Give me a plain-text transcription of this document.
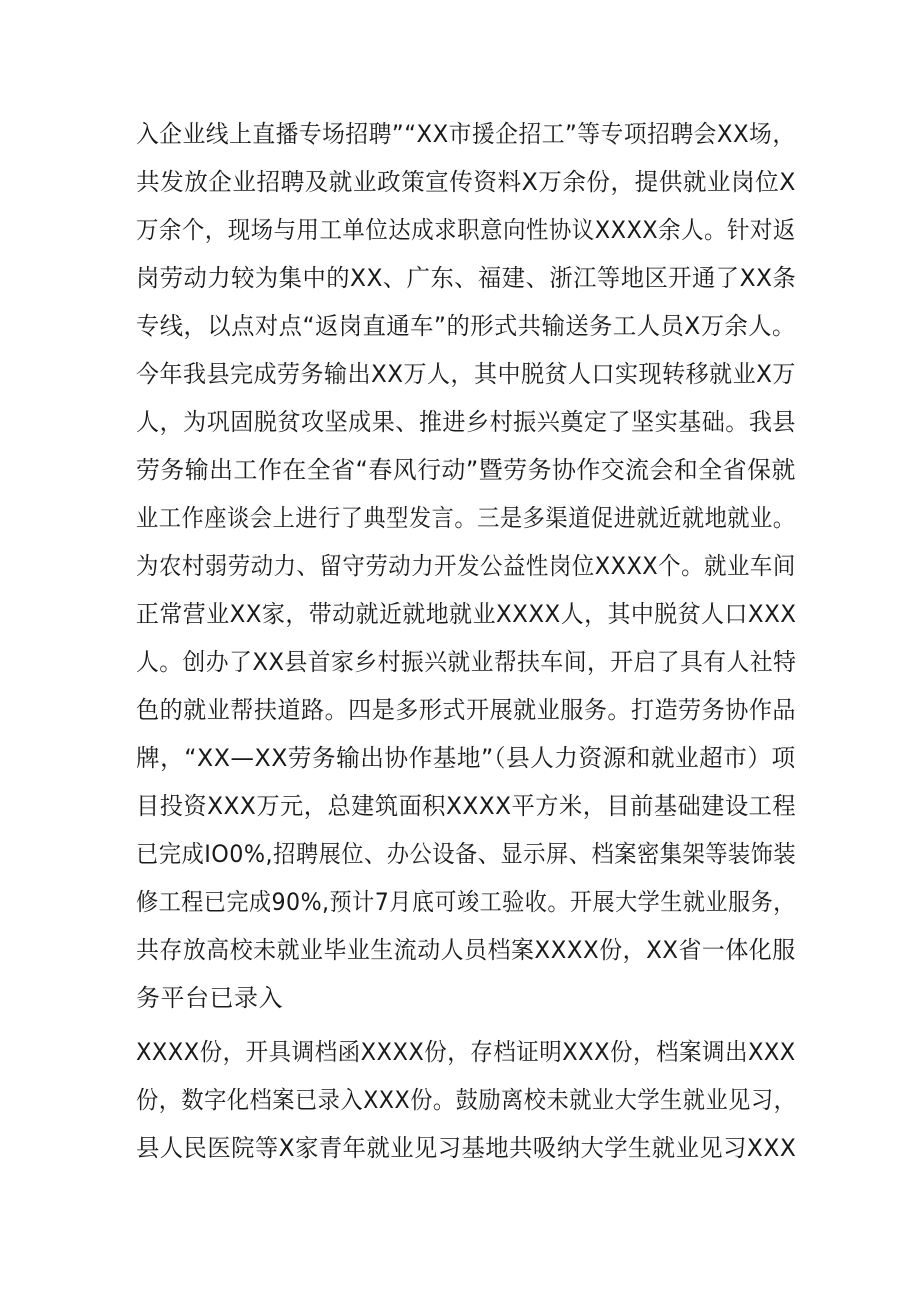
入企业线上直播专场招聘”“XX市援企招工”等专项招聘会XX场，
共发放企业招聘及就业政策宣传资料X万余份，提供就业岗位X
万余个，现场与用工单位达成求职意向性协议XXXX余人。针对返
岗劳动力较为集中的XX、广东、福建、浙江等地区开通了XX条
专线，以点对点“返岗直通车”的形式共输送务工人员X万余人。
今年我县完成劳务输出XX万人，其中脱贫人口实现转移就业X万
人，为巩固脱贫攻坚成果、推进乡村振兴奠定了坚实基础。我县
劳务输出工作在全省“春风行动”暨劳务协作交流会和全省保就
业工作座谈会上进行了典型发言。三是多渠道促进就近就地就业。
为农村弱劳动力、留守劳动力开发公益性岗位XXXX个。就业车间
正常营业XX家，带动就近就地就业XXXX人，其中脱贫人口XXX
人。创办了XX县首家乡村振兴就业帮扶车间，开启了具有人社特
色的就业帮扶道路。四是多形式开展就业服务。打造劳务协作品
牌，“XX—XX劳务输出协作基地”（县人力资源和就业超市）项
目投资XXX万元，总建筑面积XXXX平方米，目前基础建设工程
已完成IO0%,招聘展位、办公设备、显示屏、档案密集架等装饰装
修工程已完成90%,预计7月底可竣工验收。开展大学生就业服务，
共存放高校未就业毕业生流动人员档案XXXX份，XX省一体化服
务平台已录入
XXXX份，开具调档函XXXX份，存档证明XXX份，档案调出XXX
份，数字化档案已录入XXX份。鼓励离校未就业大学生就业见习，
县人民医院等X家青年就业见习基地共吸纳大学生就业见习XXX
